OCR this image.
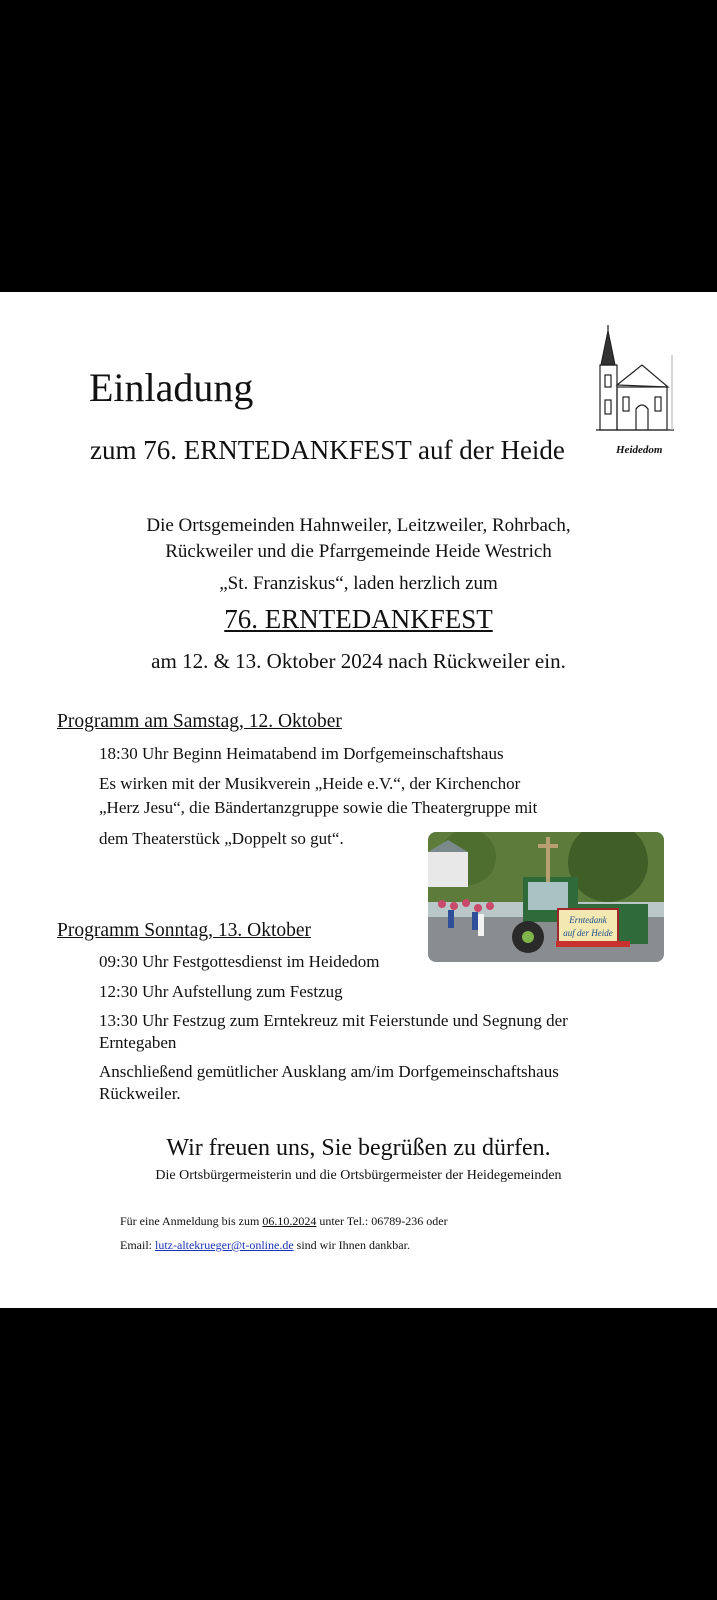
Einladung
zum 76. ERNTEDANKFEST auf der Heide	Heidedom
Die Ortsgemeinden Hahnweiler, Leitzweiler, Rohrbach,
Rückweiler und die Pfarrgemeinde Heide Westrich
„St. Franziskus“, laden herzlich zum
76. ERNTEDANKFEST
am 12. & 13. Oktober 2024 nach Rückweiler ein.
Programm am Samstag, 12. Oktober
18:30 Uhr Beginn Heimatabend im Dorfgemeinschaftshaus
Es wirken mit der Musikverein „Heide e.V.“, der Kirchenchor
„Herz Jesu“, die Bändertanzgruppe sowie die Theatergruppe mit
dem Theaterstück „Doppelt so gut“.
Erntedank
auf der Heide
Programm Sonntag, 13. Oktober
09:30 Uhr Festgottesdienst im Heidedom
12:30 Uhr Aufstellung zum Festzug
13:30 Uhr Festzug zum Erntekreuz mit Feierstunde und Segnung der
Erntegaben
Anschließend gemütlicher Ausklang am/im Dorfgemeinschaftshaus
Rückweiler.
Wir freuen uns, Sie begrüßen zu dürfen.
Die Ortsbürgermeisterin und die Ortsbürgermeister der Heidegemeinden
Für eine Anmeldung bis zum 06.10.2024 unter Tel.: 06789-236 oder
Email: lutz-altekrueger@t-online.de sind wir Ihnen dankbar.
